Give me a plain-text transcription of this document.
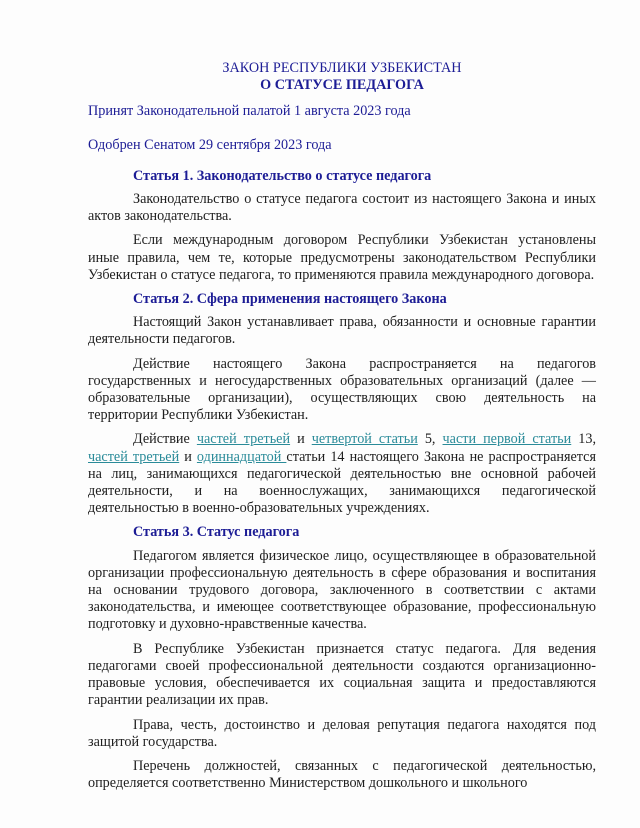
ЗАКОН РЕСПУБЛИКИ УЗБЕКИСТАН

О СТАТУСЕ ПЕДАГОГА

Принят Законодательной палатой 1 августа 2023 года

Одобрен Сенатом 29 сентября 2023 года

Статья 1. Законодательство о статусе педагога

Законодательство о статусе педагога состоит из настоящего Закона и иных актов законодательства.

Если международным договором Республики Узбекистан установлены иные правила, чем те, которые предусмотрены законодательством Республики Узбекистан о статусе педагога, то применяются правила международного договора.

Статья 2. Сфера применения настоящего Закона

Настоящий Закон устанавливает права, обязанности и основные гарантии деятельности педагогов.

Действие настоящего Закона распространяется на педагогов государственных и негосударственных образовательных организаций (далее — образовательные организации), осуществляющих свою деятельность на территории Республики Узбекистан.

Действие частей третьей и четвертой статьи 5, части первой статьи 13, частей третьей и одиннадцатой статьи 14 настоящего Закона не распространяется на лиц, занимающихся педагогической деятельностью вне основной рабочей деятельности, и на военнослужащих, занимающихся педагогической деятельностью в военно-образовательных учреждениях.

Статья 3. Статус педагога

Педагогом является физическое лицо, осуществляющее в образовательной организации профессиональную деятельность в сфере образования и воспитания на основании трудового договора, заключенного в соответствии с актами законодательства, и имеющее соответствующее образование, профессиональную подготовку и духовно-нравственные качества.

В Республике Узбекистан признается статус педагога. Для ведения педагогами своей профессиональной деятельности создаются организационно-правовые условия, обеспечивается их социальная защита и предоставляются гарантии реализации их прав.

Права, честь, достоинство и деловая репутация педагога находятся под защитой государства.

Перечень должностей, связанных с педагогической деятельностью, определяется соответственно Министерством дошкольного и школьного
